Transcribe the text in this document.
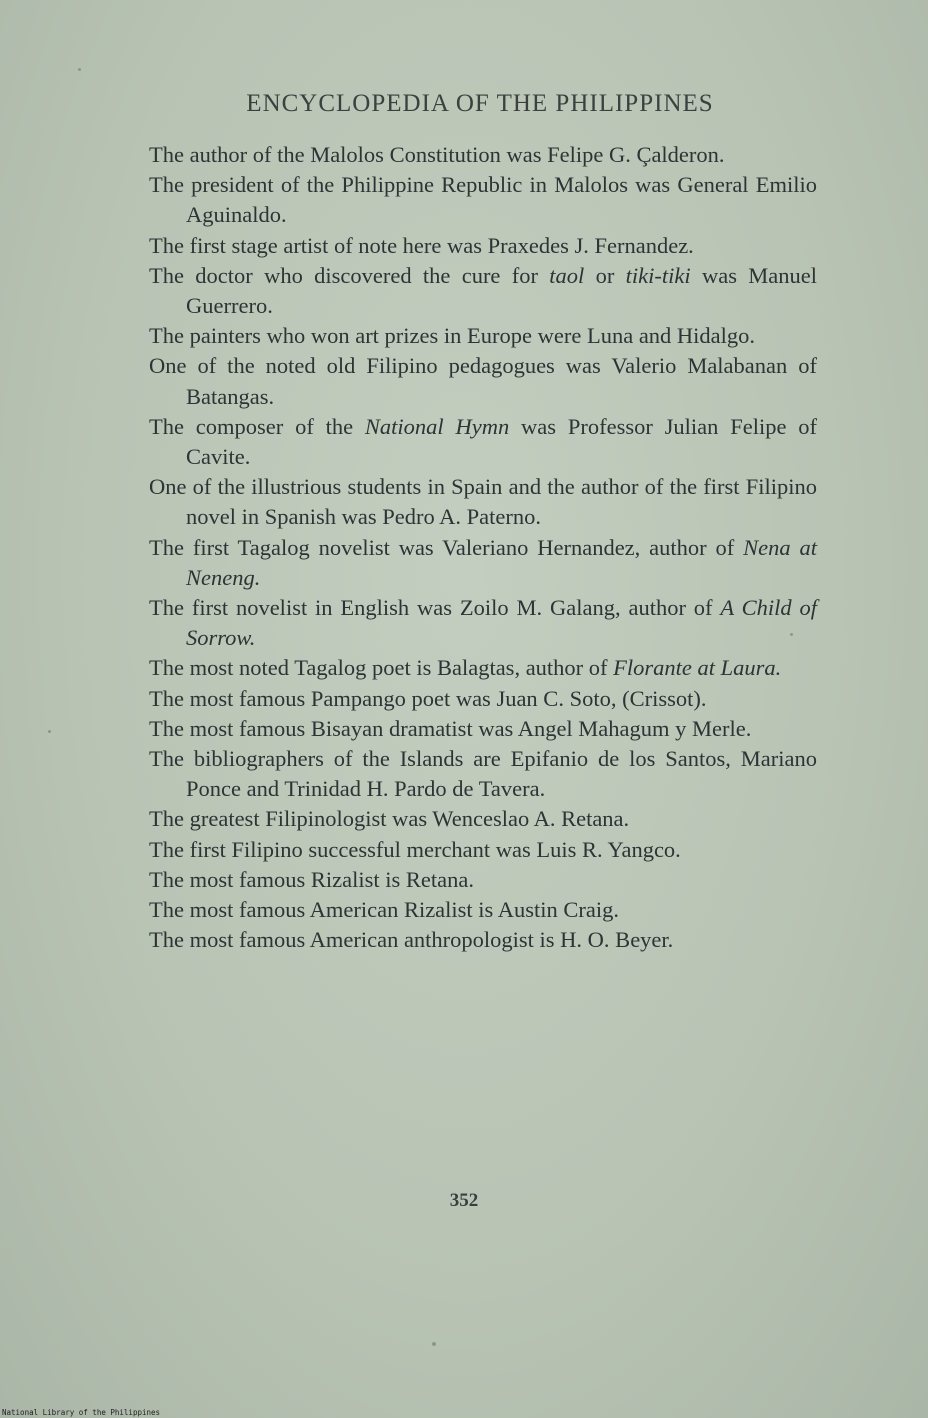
ENCYCLOPEDIA OF THE PHILIPPINES
The author of the Malolos Constitution was Felipe G. Çalderon.
The president of the Philippine Republic in Malolos was General Emilio Aguinaldo.
The first stage artist of note here was Praxedes J. Fernandez.
The doctor who discovered the cure for taol or tiki-tiki was Manuel Guerrero.
The painters who won art prizes in Europe were Luna and Hidalgo.
One of the noted old Filipino pedagogues was Valerio Malabanan of Batangas.
The composer of the National Hymn was Professor Julian Felipe of Cavite.
One of the illustrious students in Spain and the author of the first Filipino novel in Spanish was Pedro A. Paterno.
The first Tagalog novelist was Valeriano Hernandez, author of Nena at Neneng.
The first novelist in English was Zoilo M. Galang, author of A Child of Sorrow.
The most noted Tagalog poet is Balagtas, author of Florante at Laura.
The most famous Pampango poet was Juan C. Soto, (Crissot).
The most famous Bisayan dramatist was Angel Mahagum y Merle.
The bibliographers of the Islands are Epifanio de los Santos, Mariano Ponce and Trinidad H. Pardo de Tavera.
The greatest Filipinologist was Wenceslao A. Retana.
The first Filipino successful merchant was Luis R. Yangco.
The most famous Rizalist is Retana.
The most famous American Rizalist is Austin Craig.
The most famous American anthropologist is H. O. Beyer.

352

National Library of the Philippines
